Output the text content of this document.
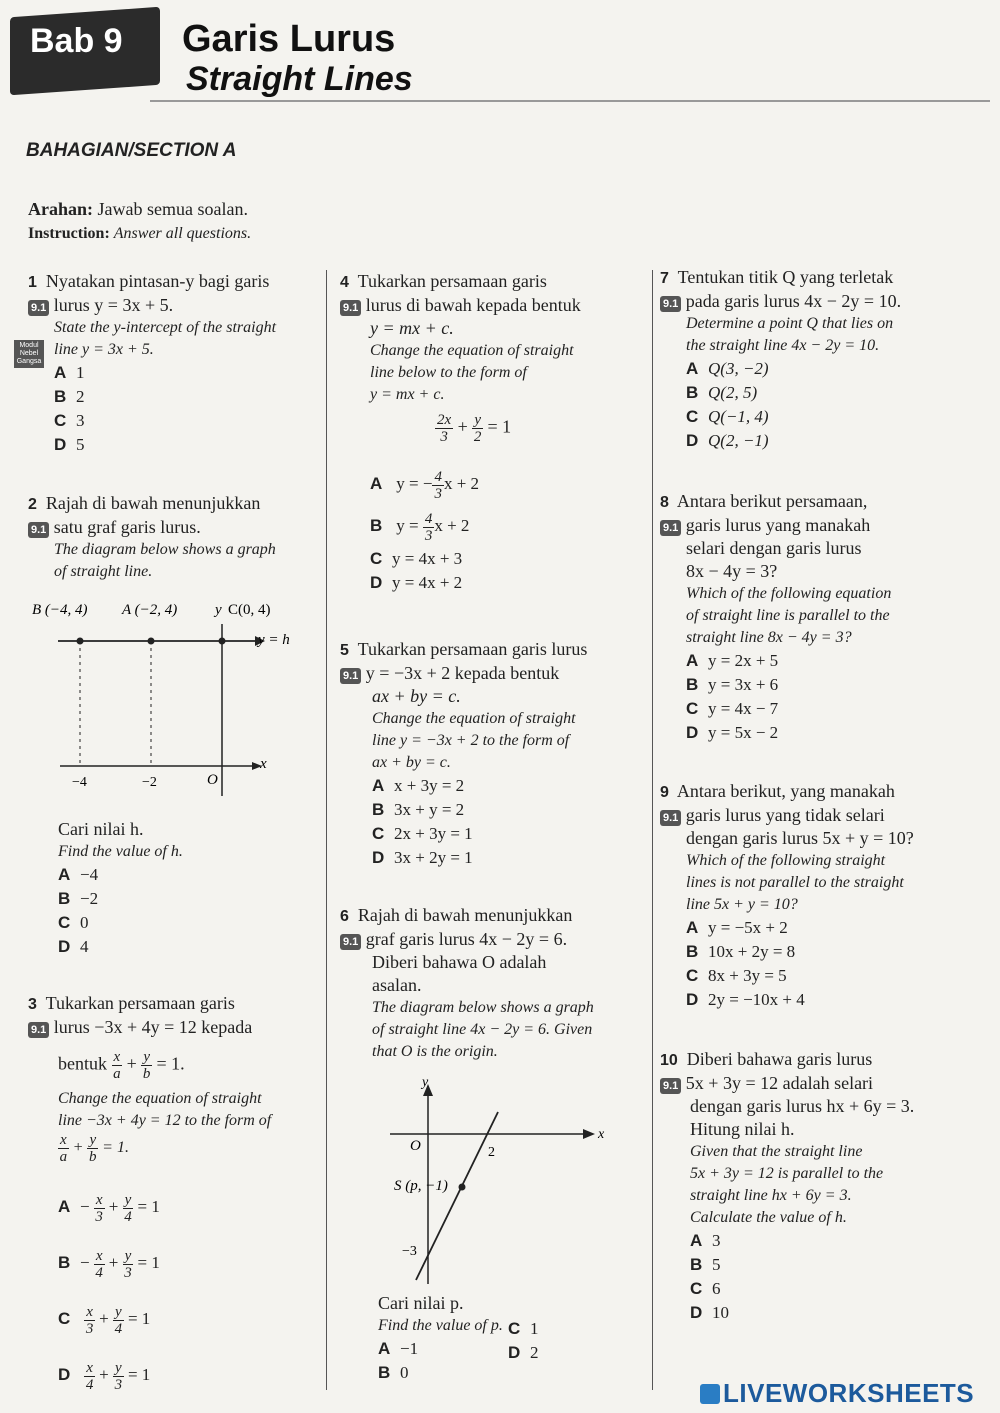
Bab 9 Garis Lurus
Straight Lines
BAHAGIAN/SECTION A
Arahan: Jawab semua soalan.
Instruction: Answer all questions.
1 Nyatakan pintasan-y bagi garis
9.1 lurus y = 3x + 5.
State the y-intercept of the straight
line y = 3x + 5.
A 1
B 2
C 3
D 5
Modul Nebel Gangsa
2 Rajah di bawah menunjukkan
9.1 satu graf garis lurus.
The diagram below shows a graph
of straight line.
B (−4, 4) A (−2, 4)	y C(0, 4)
y = h
x
−4	−2	O
Cari nilai h.
Find the value of h.
A −4
B −2
C 0
D 4
3 Tukarkan persamaan garis
9.1 lurus −3x + 4y = 12 kepada
bentuk $\frac{x}{a} + \frac{y}{b} = 1$.
Change the equation of straight
line −3x + 4y = 12 to the form of
$\frac{x}{a} + \frac{y}{b} = 1$.
$A - \frac{x}{3} + \frac{y}{4} = 1$
$B - \frac{x}{4} + \frac{y}{3} = 1$
C $\frac{x}{3} + \frac{y}{4} = 1$
D $\frac{x}{4} + \frac{y}{3} = 1$
4 Tukarkan persamaan garis
9.1 lurus di bawah kepada bentuk
y = mx + c.
Change the equation of straight
line below to the form of
y = mx + c.
$\frac{2x}{3} + \frac{y}{2} = 1$
A y = − $\frac{4}{3}$ x + 2
B $y = \frac{4}{3}$ x + 2
C y = 4x + 3
D y = 4x + 2
5 Tukarkan persamaan garis lurus
9.1 y = −3x + 2 kepada bentuk
ax + by = c.
Change the equation of straight
line y = −3x + 2 to the form of
ax + by = c.
A x + 3y = 2
B 3x + y = 2
C 2x + 3y = 1
D 3x + 2y = 1
6 Rajah di bawah menunjukkan
9.1 graf garis lurus 4x − 2y = 6.
Diberi bahawa O adalah
asalan.
The diagram below shows a graph
of straight line 4x − 2y = 6. Given
that O is the origin.
y
x
O	2
S (p, −1)
−3
Cari nilai p.
Find the value of p.
A −1
B 0
C 1
D 2
7 Tentukan titik Q yang terletak
9.1 pada garis lurus 4x − 2y = 10.
Determine a point Q that lies on
the straight line 4x − 2y = 10.
A Q(3, −2)
B Q(2, 5)
C Q(−1, 4)
D Q(2, −1)
8 Antara berikut persamaan,
9.1 garis lurus yang manakah
selari dengan garis lurus
8x − 4y = 3?
Which of the following equation
of straight line is parallel to the
straight line 8x − 4y = 3?
A y = 2x + 5
B y = 3x + 6
C y = 4x − 7
D y = 5x − 2
9 Antara berikut, yang manakah
9.1 garis lurus yang tidak selari
dengan garis lurus 5x + y = 10?
Which of the following straight
lines is not parallel to the straight
line 5x + y = 10?
A y = −5x + 2
B 10x + 2y = 8
C 8x + 3y = 5
D 2y = −10x + 4
10 Diberi bahawa garis lurus
9.1 5x + 3y = 12 adalah selari
dengan garis lurus hx + 6y = 3.
Hitung nilai h.
Given that the straight line
5x + 3y = 12 is parallel to the
straight line hx + 6y = 3.
Calculate the value of h.
A 3
B 5
C 6
D 10
LIVEWORKSHEETS
